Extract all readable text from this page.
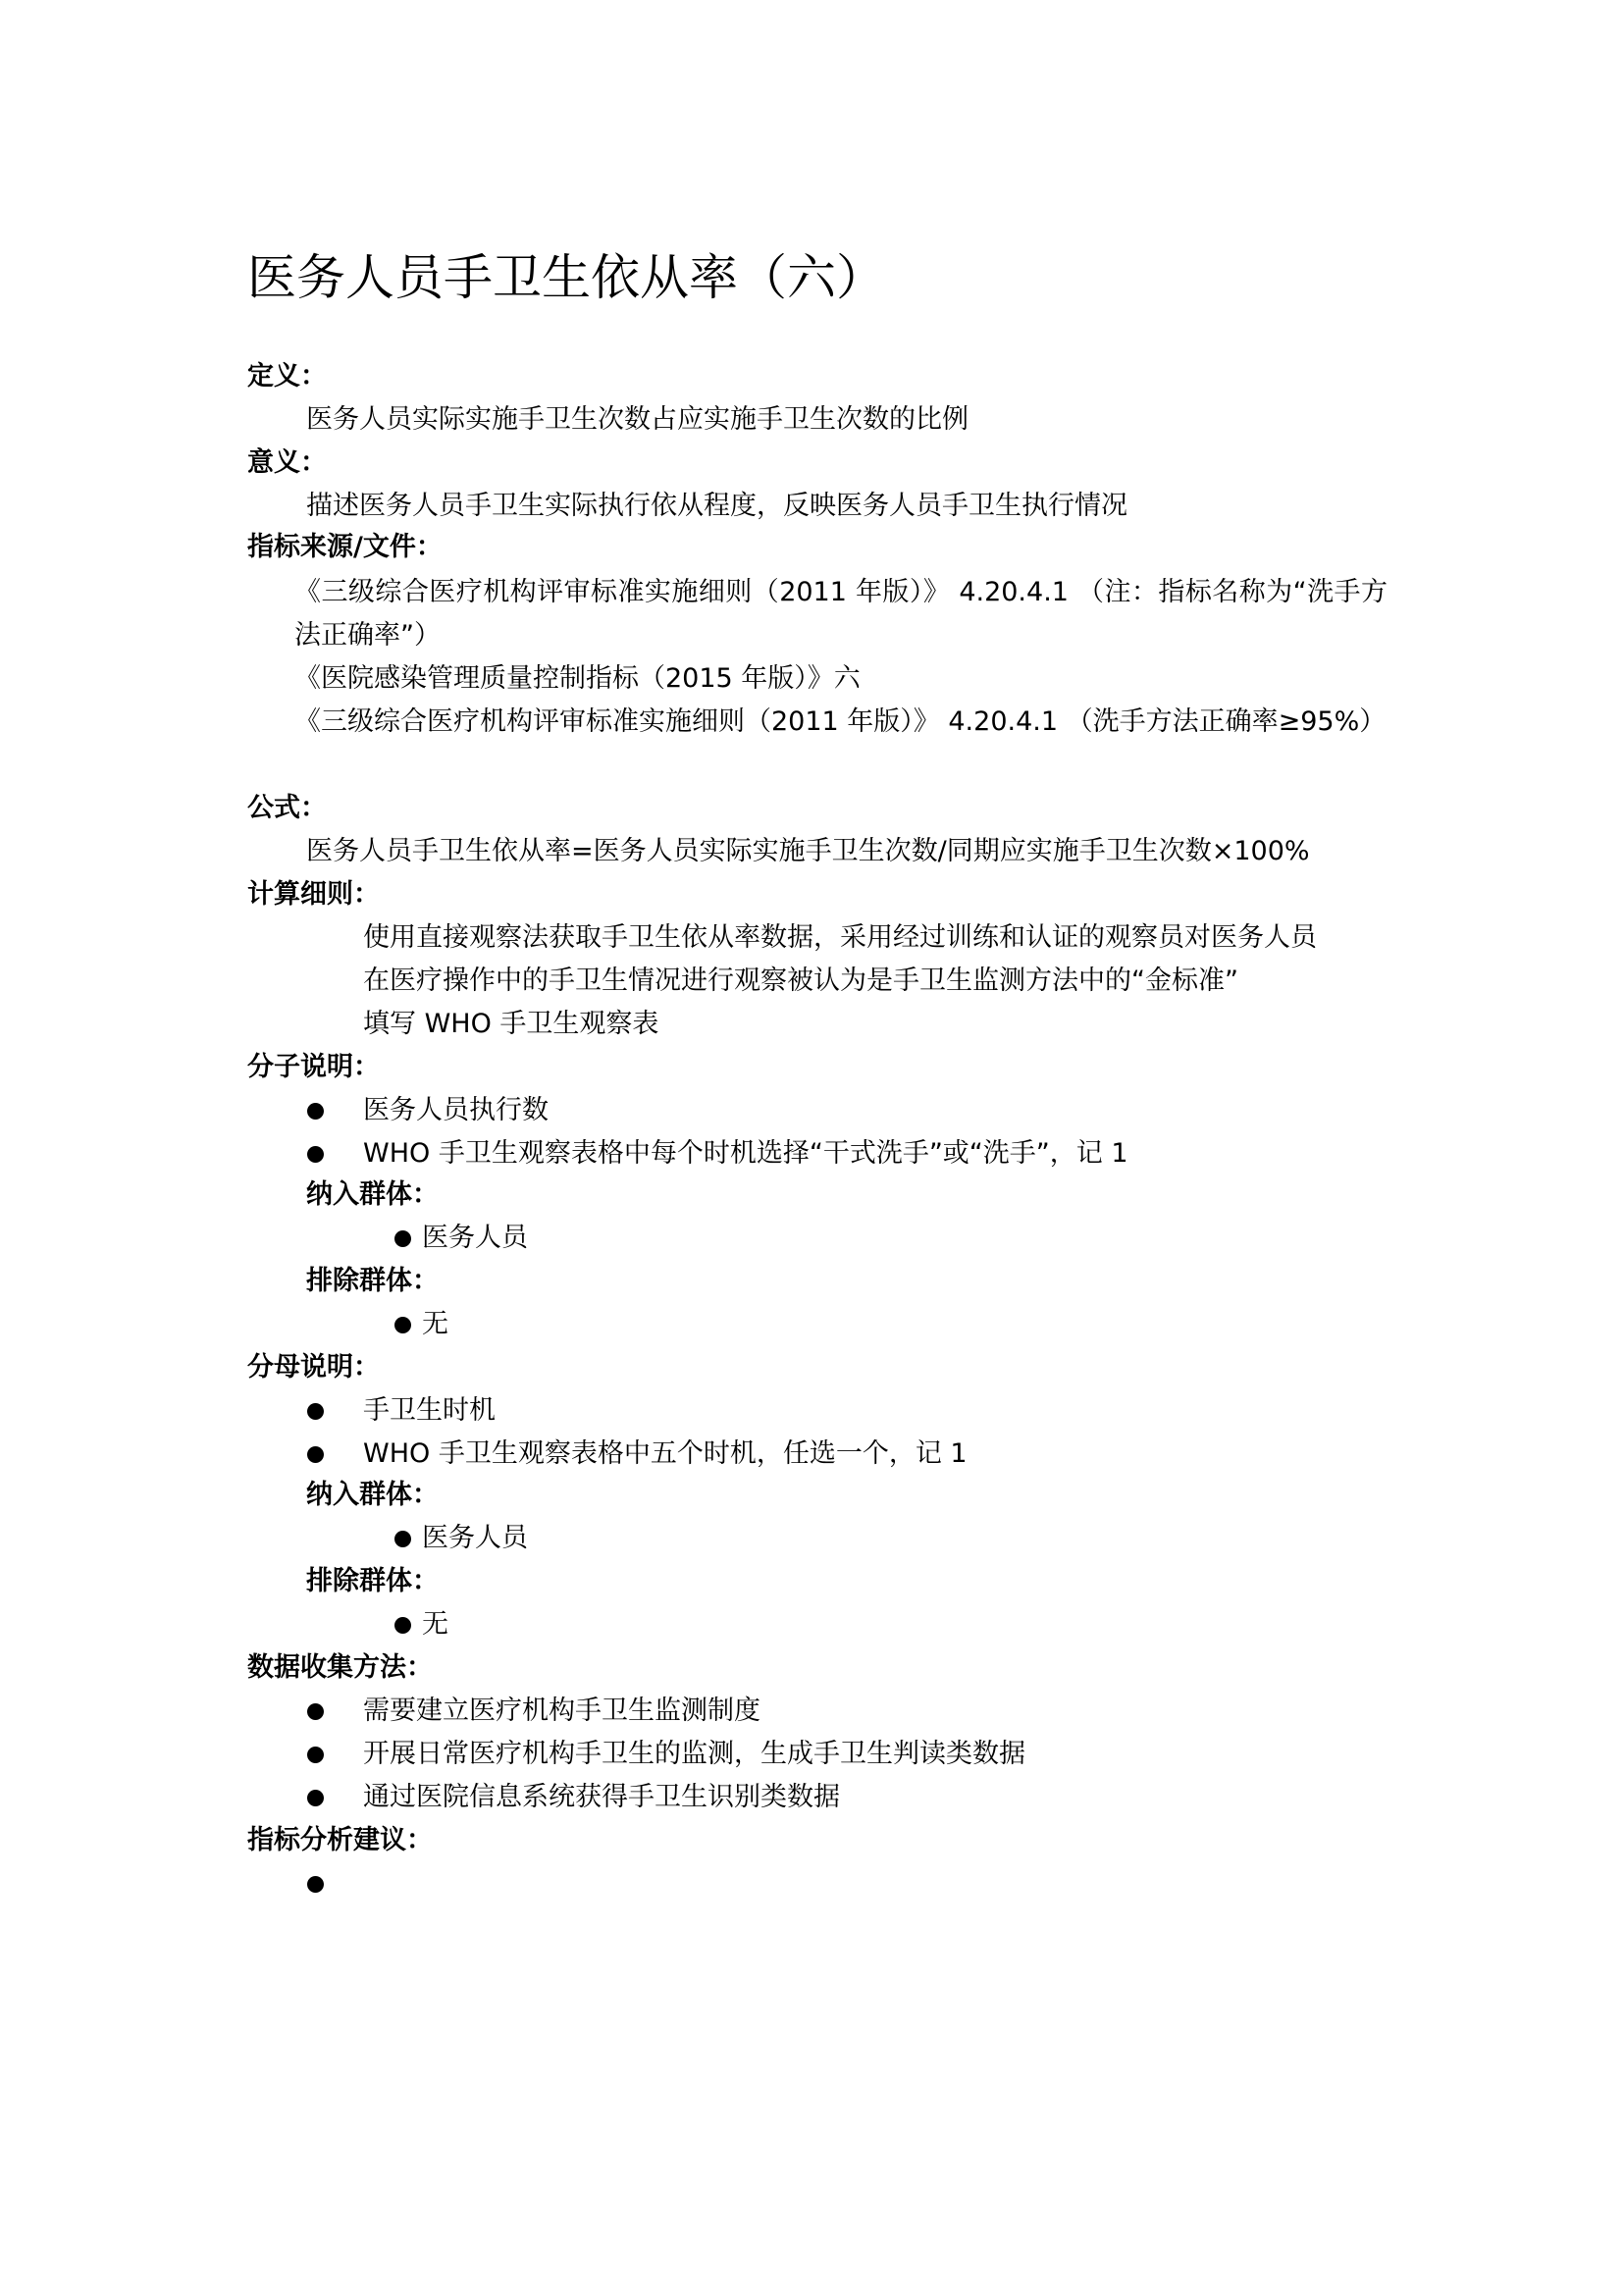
医务人员手卫生依从率（六）
定义：
医务人员实际实施手卫生次数占应实施手卫生次数的比例
意义：
描述医务人员手卫生实际执行依从程度，反映医务人员手卫生执行情况
指标来源/文件：
《三级综合医疗机构评审标准实施细则（2011 年版）》 4.20.4.1 （注：指标名称为“洗手方法正确率”）
《医院感染管理质量控制指标（2015 年版）》六
《三级综合医疗机构评审标准实施细则（2011 年版）》 4.20.4.1 （洗手方法正确率≥95%）
公式：
医务人员手卫生依从率=医务人员实际实施手卫生次数/同期应实施手卫生次数×100%
计算细则：
使用直接观察法获取手卫生依从率数据，采用经过训练和认证的观察员对医务人员
在医疗操作中的手卫生情况进行观察被认为是手卫生监测方法中的“金标准”
填写 WHO 手卫生观察表
分子说明：
医务人员执行数
WHO 手卫生观察表格中每个时机选择“干式洗手”或“洗手”，记 1
纳入群体：
医务人员
排除群体：
无
分母说明：
手卫生时机
WHO 手卫生观察表格中五个时机，任选一个，记 1
纳入群体：
医务人员
排除群体：
无
数据收集方法：
需要建立医疗机构手卫生监测制度
开展日常医疗机构手卫生的监测，生成手卫生判读类数据
通过医院信息系统获得手卫生识别类数据
指标分析建议：
